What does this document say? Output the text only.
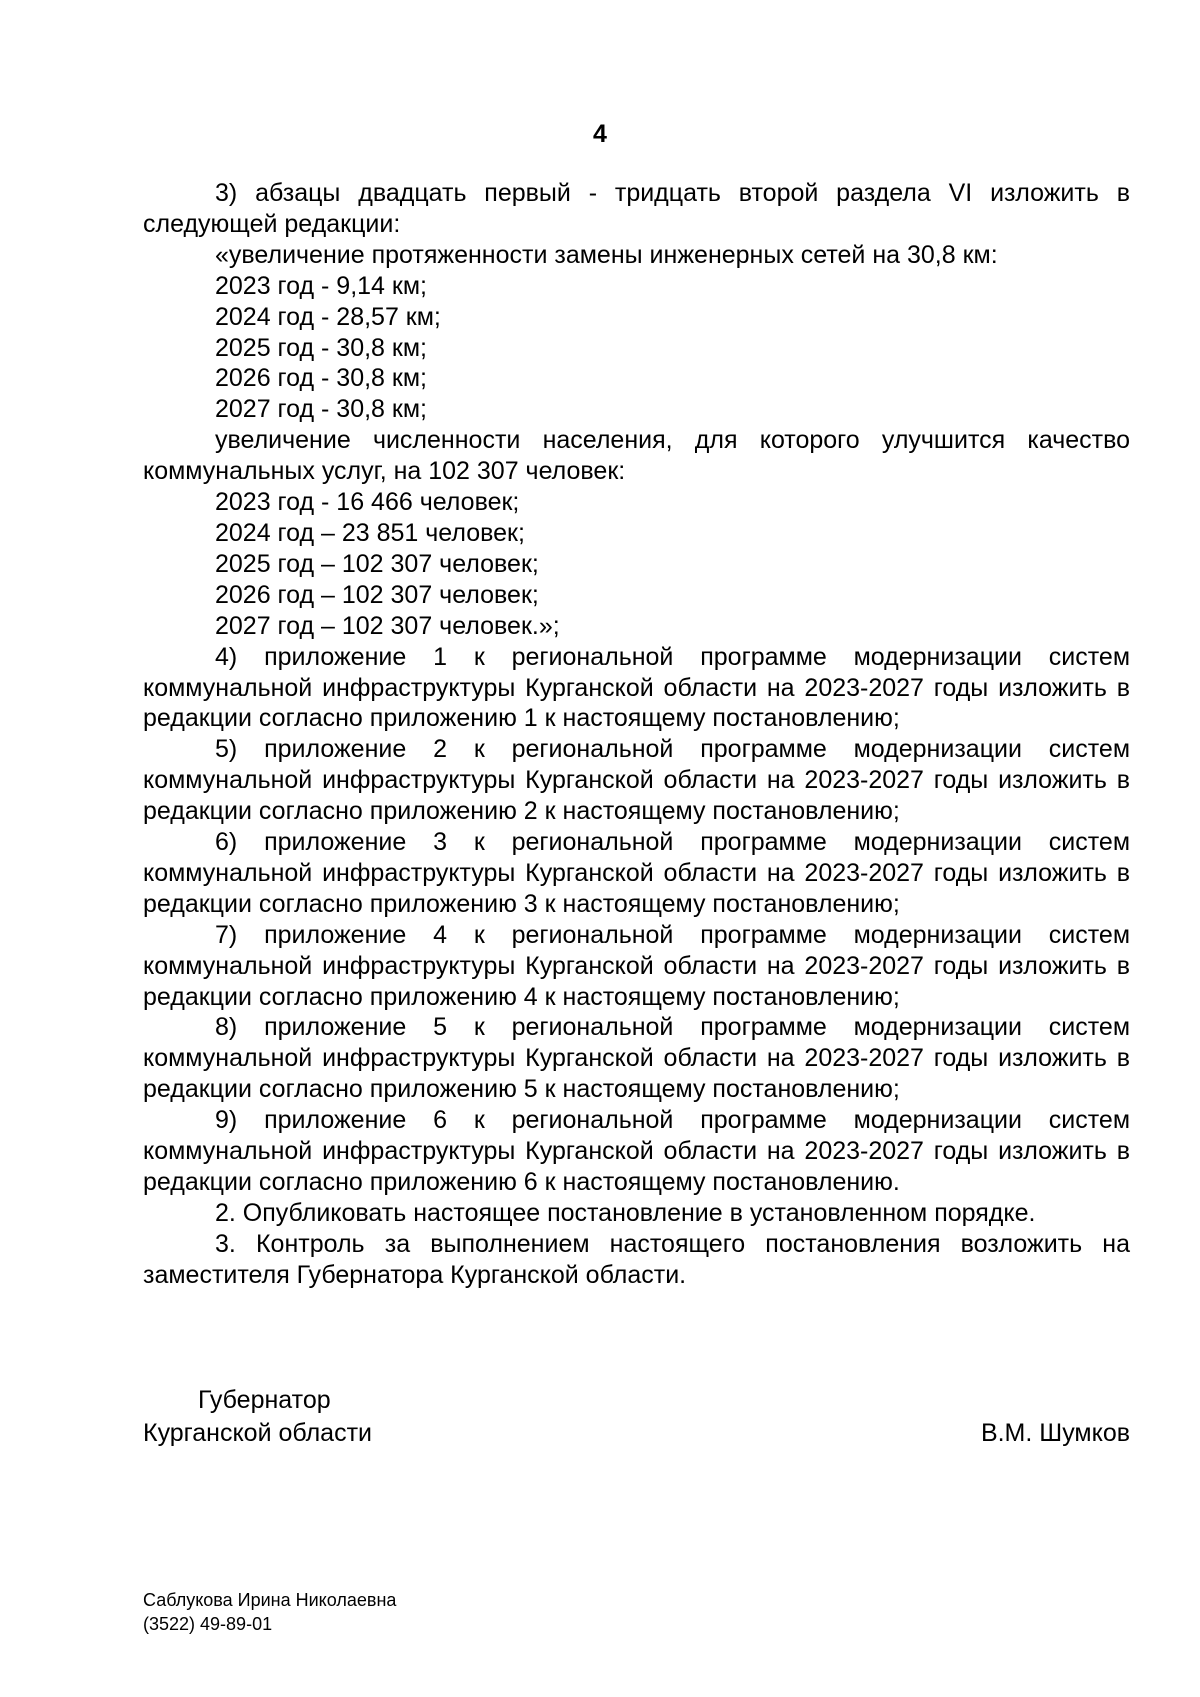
4

3) абзацы двадцать первый - тридцать второй раздела VI изложить в следующей редакции:

«увеличение протяженности замены инженерных сетей на 30,8 км:

2023 год - 9,14 км;

2024 год - 28,57 км;

2025 год - 30,8 км;

2026 год - 30,8 км;

2027 год - 30,8 км;

увеличение численности населения, для которого улучшится качество коммунальных услуг, на 102 307 человек:

2023 год - 16 466 человек;

2024 год – 23 851 человек;

2025 год – 102 307 человек;

2026 год – 102 307 человек;

2027 год – 102 307 человек.»;

4) приложение 1 к региональной программе модернизации систем коммунальной инфраструктуры Курганской области на 2023-2027 годы изложить в редакции согласно приложению 1 к настоящему постановлению;

5) приложение 2 к региональной программе модернизации систем коммунальной инфраструктуры Курганской области на 2023-2027 годы изложить в редакции согласно приложению 2 к настоящему постановлению;

6) приложение 3 к региональной программе модернизации систем коммунальной инфраструктуры Курганской области на 2023-2027 годы изложить в редакции согласно приложению 3 к настоящему постановлению;

7) приложение 4 к региональной программе модернизации систем коммунальной инфраструктуры Курганской области на 2023-2027 годы изложить в редакции согласно приложению 4 к настоящему постановлению;

8) приложение 5 к региональной программе модернизации систем коммунальной инфраструктуры Курганской области на 2023-2027 годы изложить в редакции согласно приложению 5 к настоящему постановлению;

9) приложение 6 к региональной программе модернизации систем коммунальной инфраструктуры Курганской области на 2023-2027 годы изложить в редакции согласно приложению 6 к настоящему постановлению.

2. Опубликовать настоящее постановление в установленном порядке.

3. Контроль за выполнением настоящего постановления возложить на заместителя Губернатора Курганской области.

Губернатор
Курганской области	В.М. Шумков
Саблукова Ирина Николаевна
(3522) 49-89-01
